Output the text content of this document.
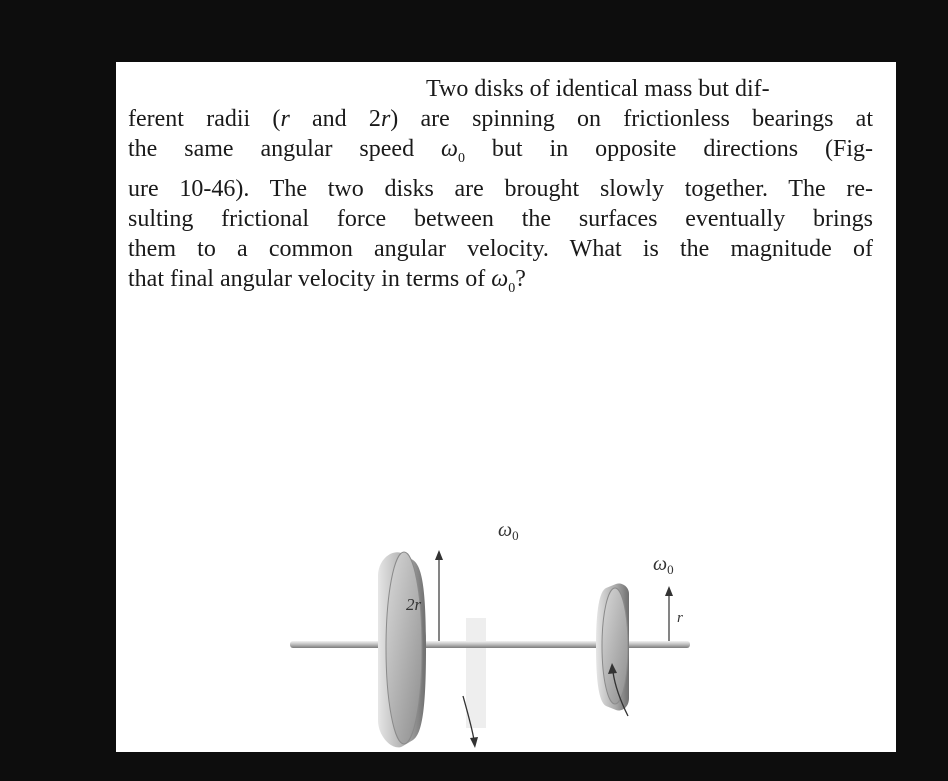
Two disks of identical mass but dif-
ferent radii (r and 2r) are spinning on frictionless bearings at
the same angular speed $\omega_0$ but in opposite directions (Fig-
ure 10-46). The two disks are brought slowly together. The re-
sulting frictional force between the surfaces eventually brings
them to a common angular velocity. What is the magnitude of
that final angular velocity in terms of $\omega_0$?

$\omega_0$
$\omega_0$
2r
r
